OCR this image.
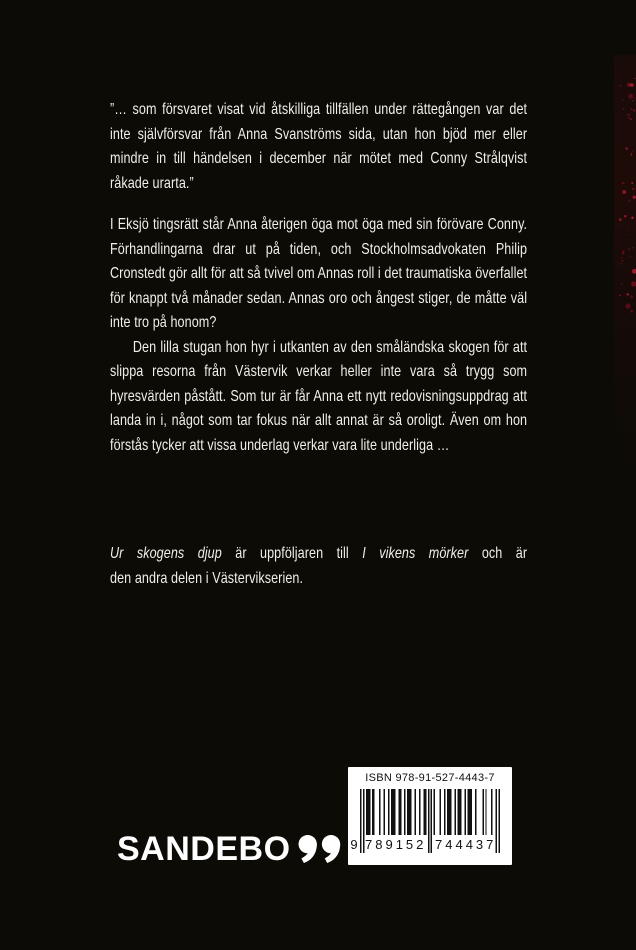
”… som försvaret visat vid åtskilliga tillfällen under rättegången var det inte självförsvar från Anna Svanströms sida, utan hon bjöd mer eller mindre in till händelsen i december när mötet med Conny Strålqvist råkade urarta.”

I Eksjö tingsrätt står Anna återigen öga mot öga med sin förövare Conny. Förhandlingarna drar ut på tiden, och Stockholmsadvokaten Philip Cronstedt gör allt för att så tvivel om Annas roll i det traumatiska överfallet för knappt två månader sedan. Annas oro och ångest stiger, de måtte väl inte tro på honom?

Den lilla stugan hon hyr i utkanten av den småländska skogen för att slippa resorna från Västervik verkar heller inte vara så trygg som hyresvärden påstått. Som tur är får Anna ett nytt redovisningsuppdrag att landa in i, något som tar fokus när allt annat är så oroligt. Även om hon förstås tycker att vissa underlag verkar vara lite underliga …

Ur skogens djup är uppföljaren till I vikens mörker och är
den andra delen i Västervikserien.
SANDEBO
ISBN 978-91-527-4443-7
9 789152 744437
